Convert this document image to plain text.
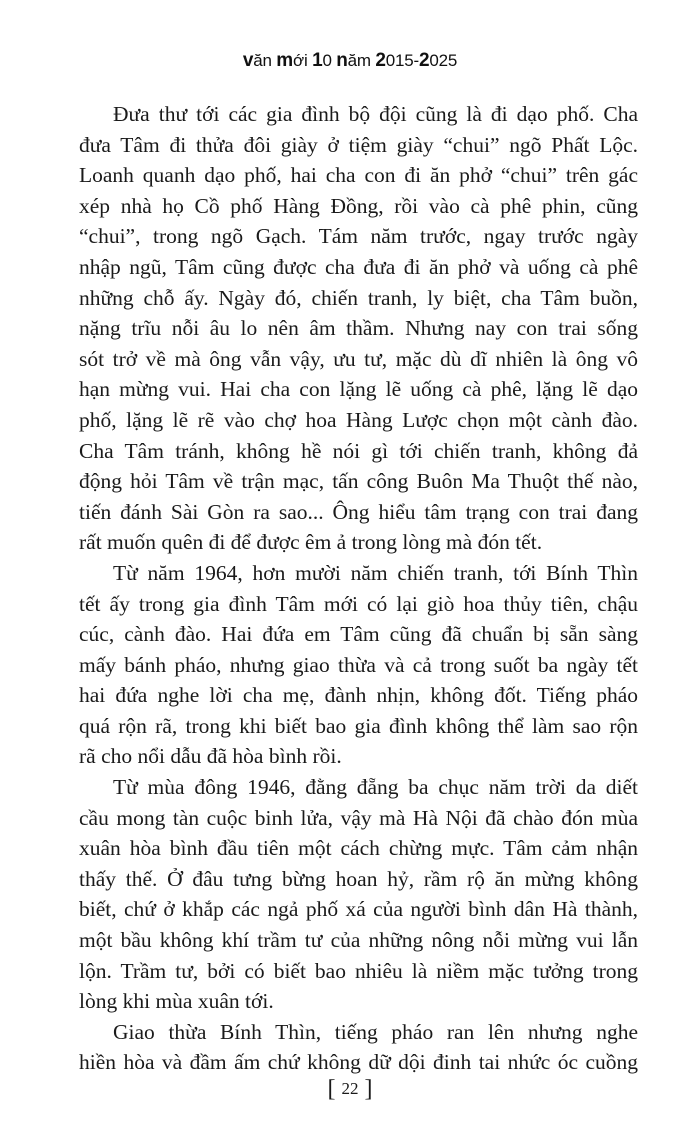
văn mới 10 năm 2015-2025
Đưa thư tới các gia đình bộ đội cũng là đi dạo phố. Cha
đưa Tâm đi thửa đôi giày ở tiệm giày “chui” ngõ Phất Lộc.
Loanh quanh dạo phố, hai cha con đi ăn phở “chui” trên gác
xép nhà họ Cồ phố Hàng Đồng, rồi vào cà phê phin, cũng
“chui”, trong ngõ Gạch. Tám năm trước, ngay trước ngày
nhập ngũ, Tâm cũng được cha đưa đi ăn phở và uống cà phê
những chỗ ấy. Ngày đó, chiến tranh, ly biệt, cha Tâm buồn,
nặng trĩu nỗi âu lo nên âm thầm. Nhưng nay con trai sống
sót trở về mà ông vẫn vậy, ưu tư, mặc dù dĩ nhiên là ông vô
hạn mừng vui. Hai cha con lặng lẽ uống cà phê, lặng lẽ dạo
phố, lặng lẽ rẽ vào chợ hoa Hàng Lược chọn một cành đào.
Cha Tâm tránh, không hề nói gì tới chiến tranh, không đả
động hỏi Tâm về trận mạc, tấn công Buôn Ma Thuột thế nào,
tiến đánh Sài Gòn ra sao... Ông hiểu tâm trạng con trai đang
rất muốn quên đi để được êm ả trong lòng mà đón tết.
Từ năm 1964, hơn mười năm chiến tranh, tới Bính Thìn
tết ấy trong gia đình Tâm mới có lại giò hoa thủy tiên, chậu
cúc, cành đào. Hai đứa em Tâm cũng đã chuẩn bị sẵn sàng
mấy bánh pháo, nhưng giao thừa và cả trong suốt ba ngày tết
hai đứa nghe lời cha mẹ, đành nhịn, không đốt. Tiếng pháo
quá rộn rã, trong khi biết bao gia đình không thể làm sao rộn
rã cho nổi dẫu đã hòa bình rồi.
Từ mùa đông 1946, đằng đẵng ba chục năm trời da diết
cầu mong tàn cuộc binh lửa, vậy mà Hà Nội đã chào đón mùa
xuân hòa bình đầu tiên một cách chừng mực. Tâm cảm nhận
thấy thế. Ở đâu tưng bừng hoan hỷ, rầm rộ ăn mừng không
biết, chứ ở khắp các ngả phố xá của người bình dân Hà thành,
một bầu không khí trầm tư của những nông nỗi mừng vui lẫn
lộn. Trầm tư, bởi có biết bao nhiêu là niềm mặc tưởng trong
lòng khi mùa xuân tới.
Giao thừa Bính Thìn, tiếng pháo ran lên nhưng nghe
hiền hòa và đầm ấm chứ không dữ dội đinh tai nhức óc cuồng
[ 22 ]
